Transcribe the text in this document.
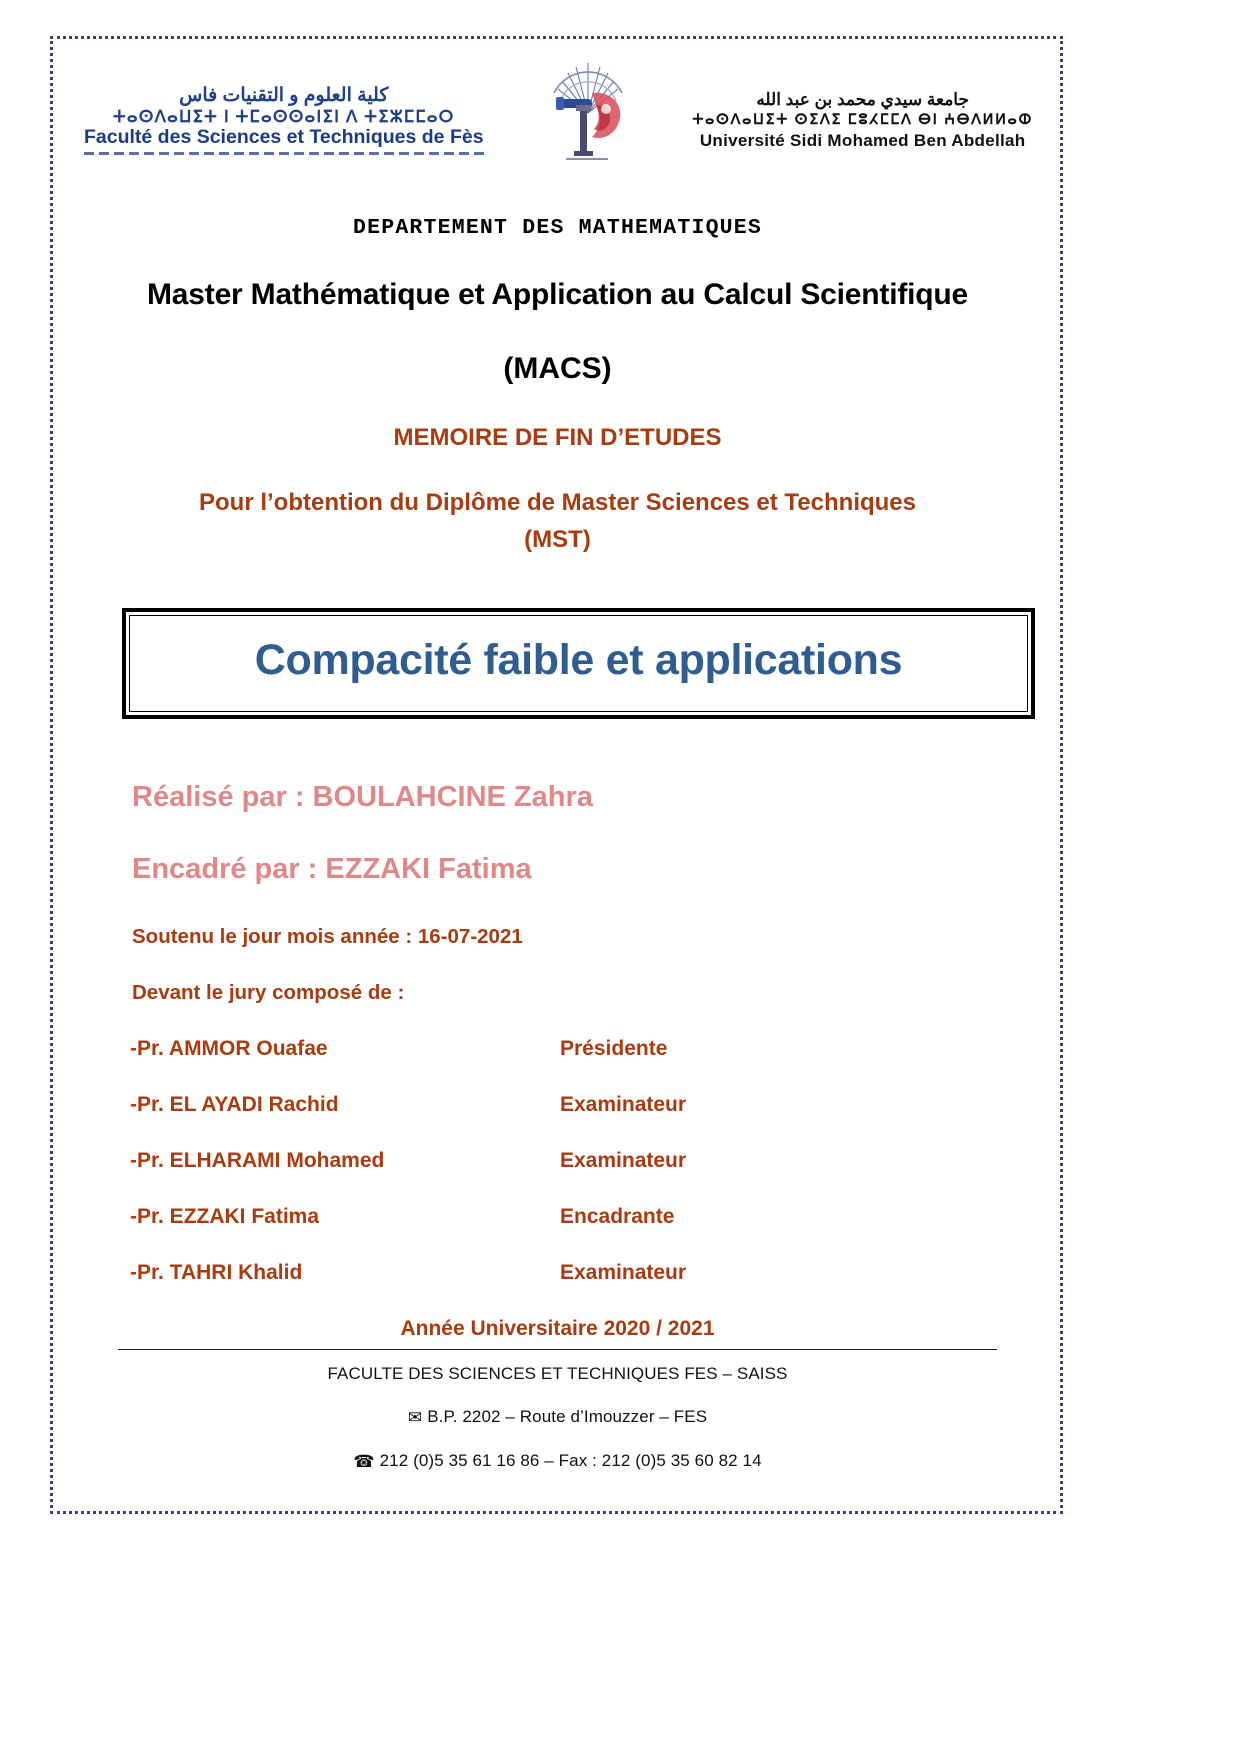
كلية العلوم و التقنيات فاس
ⵜⴰⵙⴷⴰⵡⵉⵜ ⵏ ⵜⵎⴰⵙⵙⴰⵏⵉⵏ ⴷ ⵜⵉⵣⵎⵎⴰⵔ
Faculté des Sciences et Techniques de Fès
جامعة سيدي محمد بن عبد الله
ⵜⴰⵙⴷⴰⵡⵉⵜ ⵙⵉⴷⵉ ⵎⵓⵃⵎⵎⴷ ⴱⵏ ⵄⴱⴷⵍⵍⴰⵀ
Université Sidi Mohamed Ben Abdellah
DEPARTEMENT DES MATHEMATIQUES
Master Mathématique et Application au Calcul Scientifique
(MACS)
MEMOIRE DE FIN D’ETUDES
Pour l’obtention du Diplôme de Master Sciences et Techniques
(MST)
Compacité faible et applications
Réalisé par : BOULAHCINE Zahra
Encadré par : EZZAKI Fatima
Soutenu le jour mois année : 16-07-2021
Devant le jury composé de :
-Pr. AMMOR Ouafae	Présidente
-Pr. EL AYADI Rachid	Examinateur
-Pr. ELHARAMI Mohamed	Examinateur
-Pr. EZZAKI Fatima	Encadrante
-Pr. TAHRI Khalid	Examinateur
Année Universitaire 2020 / 2021
FACULTE DES SCIENCES ET TECHNIQUES FES – SAISS
✉ B.P. 2202 – Route d’Imouzzer – FES
☎ 212 (0)5 35 61 16 86 – Fax : 212 (0)5 35 60 82 14
